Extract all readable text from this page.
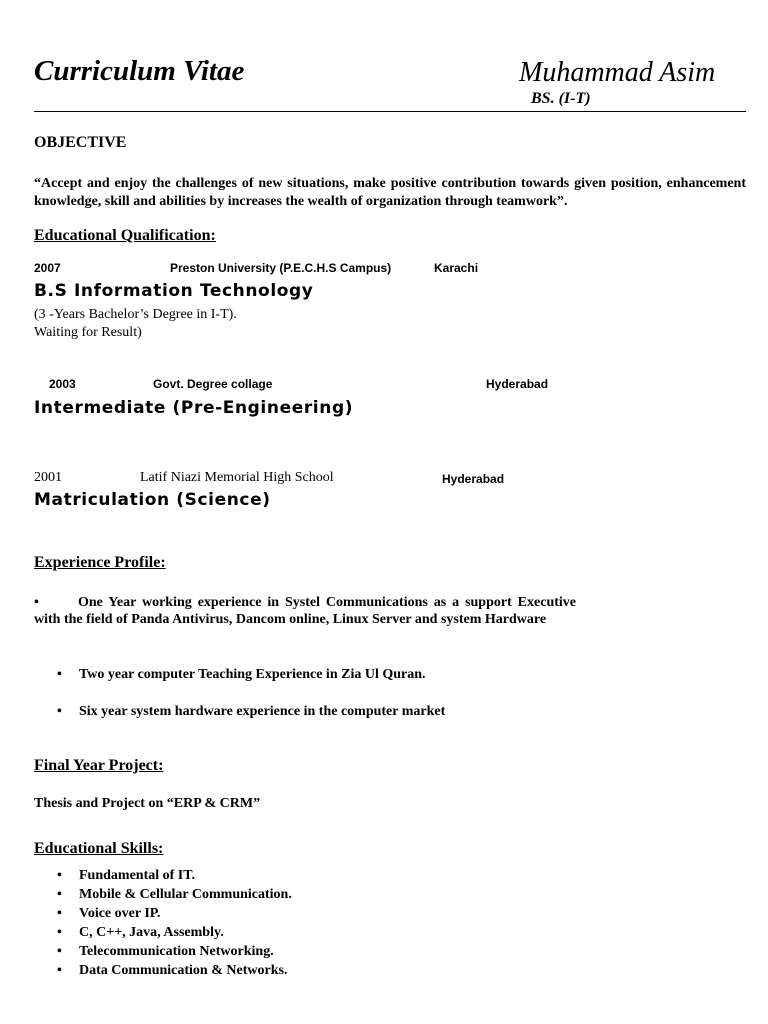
Curriculum Vitae	Muhammad Asim
BS. (I-T)
OBJECTIVE
“Accept and enjoy the challenges of new situations, make positive contribution towards given position, enhancement knowledge, skill and abilities by increases the wealth of organization through teamwork”.
Educational Qualification:
2007	Preston University (P.E.C.H.S Campus)	Karachi
B.S Information Technology
(3 -Years Bachelor’s Degree in I-T).
Waiting for Result)
2003	Govt. Degree collage	Hyderabad
Intermediate (Pre-Engineering)
2001	Latif Niazi Memorial High School	Hyderabad
Matriculation (Science)
Experience Profile:
•	One Year working experience in Systel Communications as a support Executive with the field of Panda Antivirus, Dancom online, Linux Server and system Hardware
• Two year computer Teaching Experience in Zia Ul Quran.
• Six year system hardware experience in the computer market
Final Year Project:
Thesis and Project on “ERP & CRM”
Educational Skills:
• Fundamental of IT.
• Mobile & Cellular Communication.
• Voice over IP.
• C, C++, Java, Assembly.
• Telecommunication Networking.
• Data Communication & Networks.
